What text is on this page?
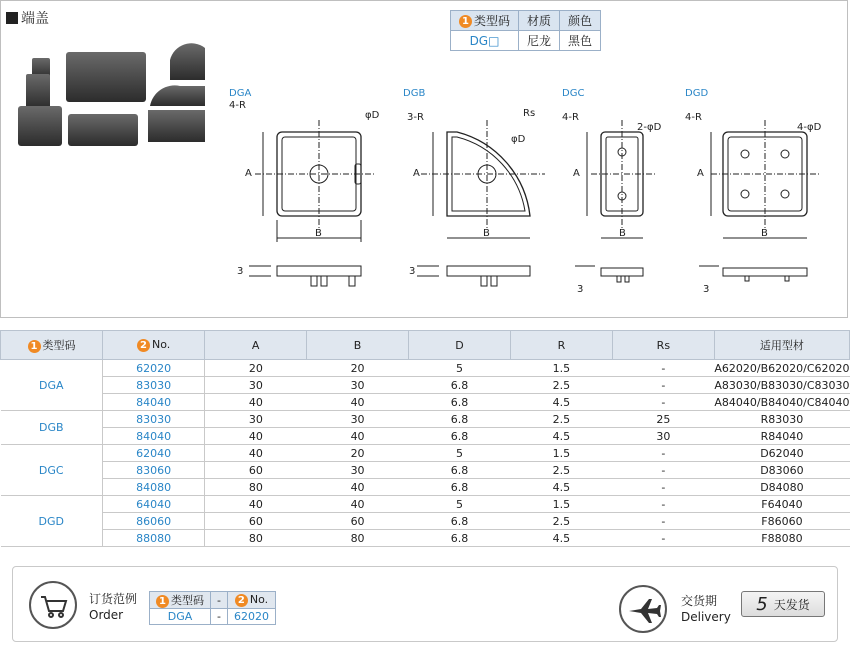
端盖	1 类型码	材质	颜色
DG□	尼龙	黑色
DGA
4-R
φD
A
B
3
DGB
3-R	Rs
φD
A
B
3
DGC
4-R
2-φD
A
B
3
DGD
4-R
4-φD
A
B
3
1 类型码	2 No.	A	B	D	R	Rs	适用型材
DGA	62020	20	20	5	1.5	-	A62020/B62020/C62020
	83030	30	30	6.8	2.5	-	A83030/B83030/C83030
	84040	40	40	6.8	4.5	-	A84040/B84040/C84040
DGB	83030	30	30	6.8	2.5	25	R83030
	84040	40	40	6.8	4.5	30	R84040
DGC	62040	40	20	5	1.5	-	D62040
	83060	60	30	6.8	2.5	-	D83060
	84080	80	40	6.8	4.5	-	D84080
DGD	64040	40	40	5	1.5	-	F64040
	86060	60	60	6.8	2.5	-	F86060
	88080	80	80	6.8	4.5	-	F88080
订货范例
Order
1 类型码	-	2 No.
DGA	-	62020
交货期
Delivery
5 天发货
